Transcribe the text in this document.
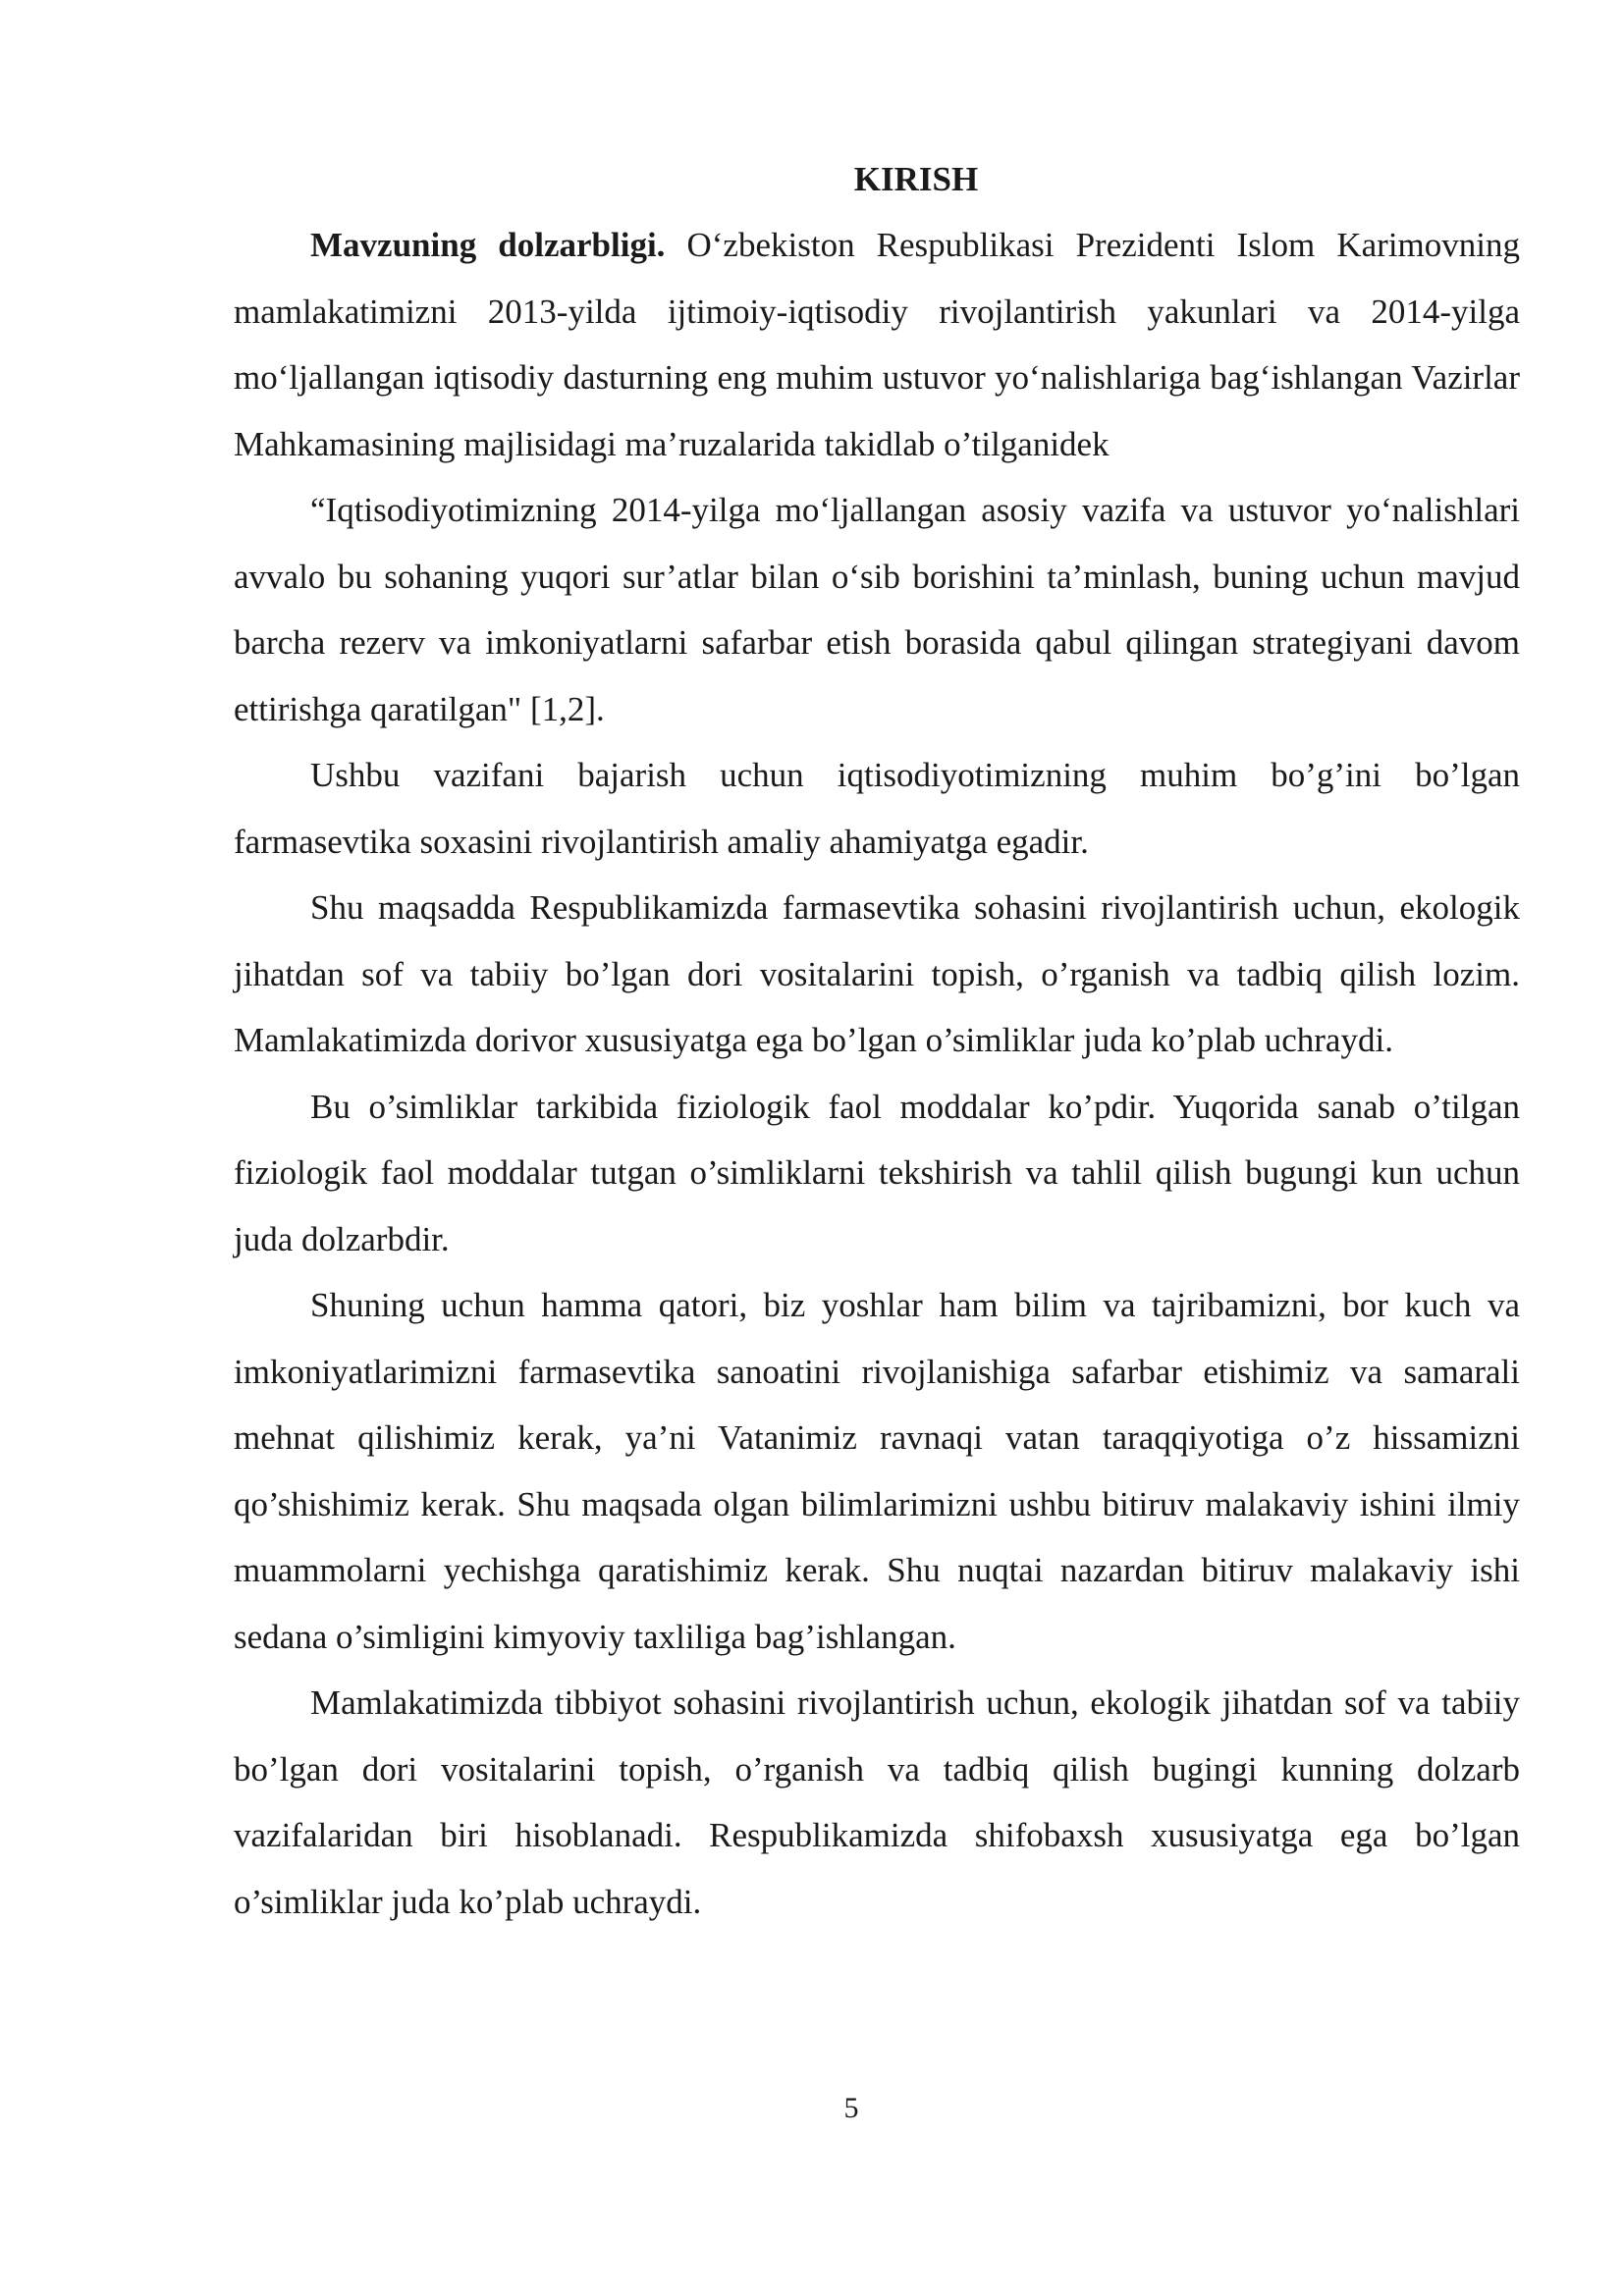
KIRISH

Mavzuning dolzarbligi. O‘zbekiston Respublikasi Prezidenti Islom Karimovning mamlakatimizni 2013-yilda ijtimoiy-iqtisodiy rivojlantirish yakunlari va 2014-yilga mo‘ljallangan iqtisodiy dasturning eng muhim ustuvor yo‘nalishlariga bag‘ishlangan Vazirlar Mahkamasining majlisidagi ma’ruzalarida takidlab o’tilganidek

“Iqtisodiyotimizning 2014-yilga mo‘ljallangan asosiy vazifa va ustuvor yo‘nalishlari avvalo bu sohaning yuqori sur’atlar bilan o‘sib borishini ta’minlash, buning uchun mavjud barcha rezerv va imkoniyatlarni safarbar etish borasida qabul qilingan strategiyani davom ettirishga qaratilgan" [1,2].

Ushbu vazifani bajarish uchun iqtisodiyotimizning muhim bo’g’ini bo’lgan farmasevtika soxasini rivojlantirish amaliy ahamiyatga egadir.

Shu maqsadda Respublikamizda farmasevtika sohasini rivojlantirish uchun, ekologik jihatdan sof va tabiiy bo’lgan dori vositalarini topish, o’rganish va tadbiq qilish lozim. Mamlakatimizda dorivor xususiyatga ega bo’lgan o’simliklar juda ko’plab uchraydi.

Bu o’simliklar tarkibida fiziologik faol moddalar ko’pdir. Yuqorida sanab o’tilgan fiziologik faol moddalar tutgan o’simliklarni tekshirish va tahlil qilish bugungi kun uchun juda dolzarbdir.

Shuning uchun hamma qatori, biz yoshlar ham bilim va tajribamizni, bor kuch va imkoniyatlarimizni farmasevtika sanoatini rivojlanishiga safarbar etishimiz va samarali mehnat qilishimiz kerak, ya’ni Vatanimiz ravnaqi vatan taraqqiyotiga o’z hissamizni qo’shishimiz kerak. Shu maqsada olgan bilimlarimizni ushbu bitiruv malakaviy ishini ilmiy muammolarni yechishga qaratishimiz kerak. Shu nuqtai nazardan bitiruv malakaviy ishi sedana o’simligini kimyoviy taxliliga bag’ishlangan.

Mamlakatimizda tibbiyot sohasini rivojlantirish uchun, ekologik jihatdan sof va tabiiy bo’lgan dori vositalarini topish, o’rganish va tadbiq qilish bugingi kunning dolzarb vazifalaridan biri hisoblanadi. Respublikamizda shifobaxsh xususiyatga ega bo’lgan o’simliklar juda ko’plab uchraydi.

5
